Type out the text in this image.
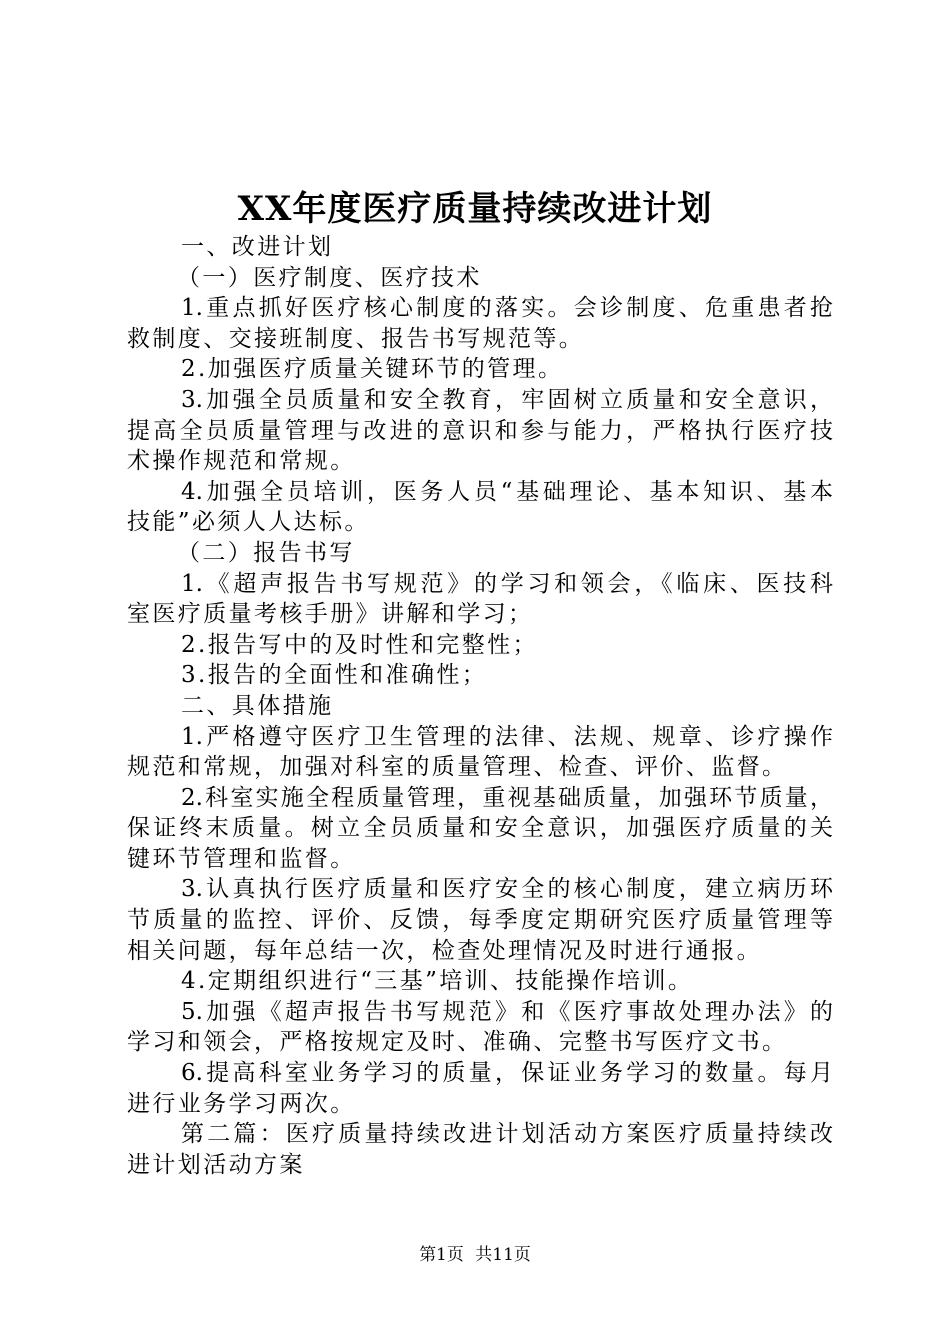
XX年度医疗质量持续改进计划
一、改进计划
（一）医疗制度、医疗技术
1.重点抓好医疗核心制度的落实。会诊制度、危重患者抢
救制度、交接班制度、报告书写规范等。
2.加强医疗质量关键环节的管理。
3.加强全员质量和安全教育，牢固树立质量和安全意识，
提高全员质量管理与改进的意识和参与能力，严格执行医疗技
术操作规范和常规。
4.加强全员培训，医务人员“基础理论、基本知识、基本
技能”必须人人达标。
（二）报告书写
1.《超声报告书写规范》的学习和领会，《临床、医技科
室医疗质量考核手册》讲解和学习；
2.报告写中的及时性和完整性；
3.报告的全面性和准确性；
二、具体措施
1.严格遵守医疗卫生管理的法律、法规、规章、诊疗操作
规范和常规，加强对科室的质量管理、检查、评价、监督。
2.科室实施全程质量管理，重视基础质量，加强环节质量，
保证终末质量。树立全员质量和安全意识，加强医疗质量的关
键环节管理和监督。
3.认真执行医疗质量和医疗安全的核心制度，建立病历环
节质量的监控、评价、反馈，每季度定期研究医疗质量管理等
相关问题，每年总结一次，检查处理情况及时进行通报。
4.定期组织进行“三基”培训、技能操作培训。
5.加强《超声报告书写规范》和《医疗事故处理办法》的
学习和领会，严格按规定及时、准确、完整书写医疗文书。
6.提高科室业务学习的质量，保证业务学习的数量。每月
进行业务学习两次。
第二篇：医疗质量持续改进计划活动方案医疗质量持续改
进计划活动方案
第1页 共11页
